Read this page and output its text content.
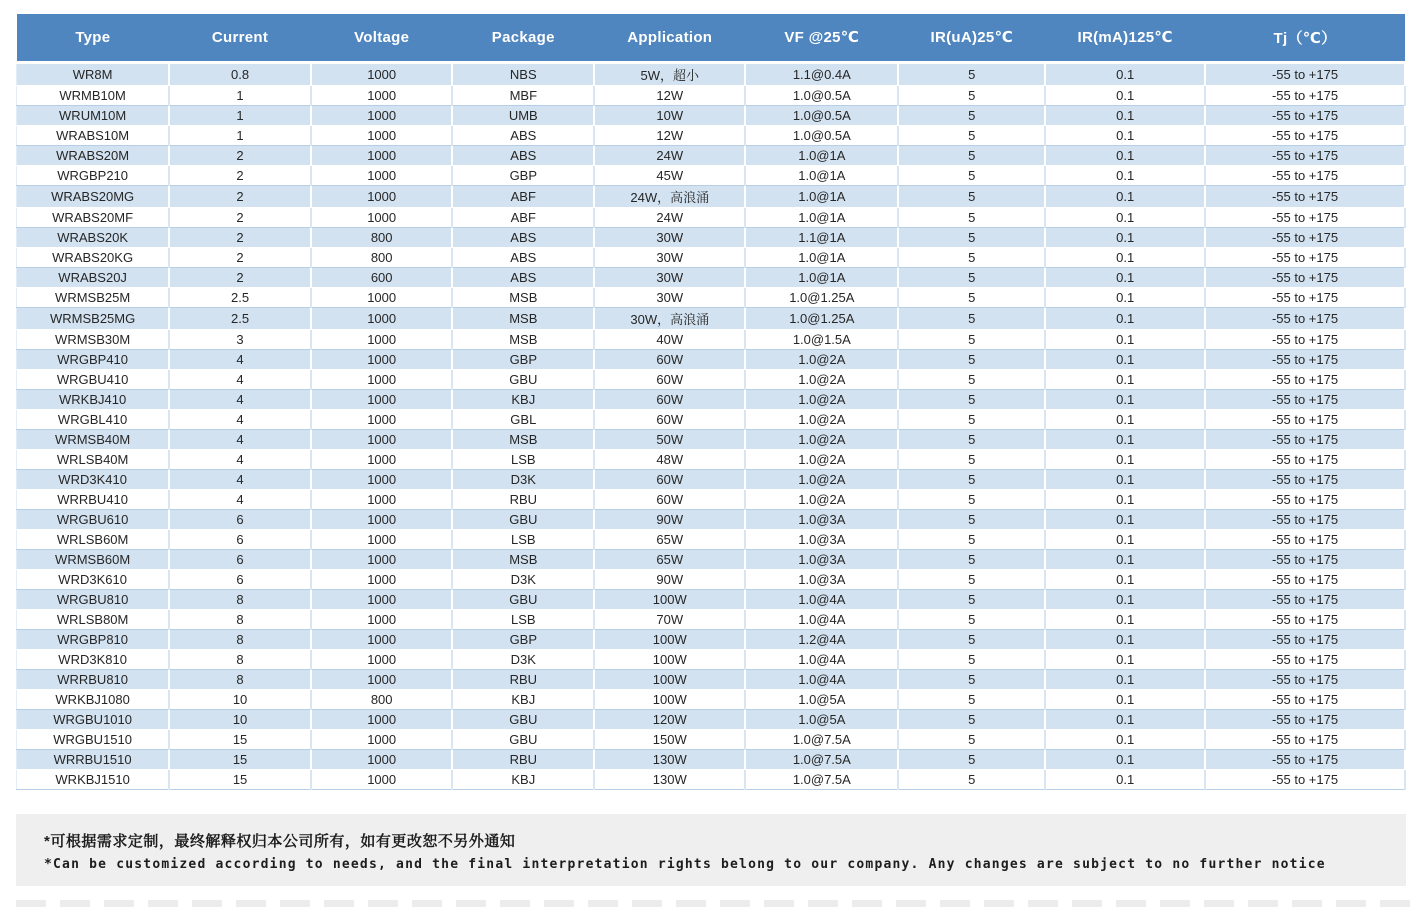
Type	Current	Voltage	Package	Application	VF @25℃	IR(uA)25℃	IR(mA)125℃	Tj（℃）
WR8M	0.8	1000	NBS	5W，超小	1.1@0.4A	5	0.1	-55 to +175
WRMB10M	1	1000	MBF	12W	1.0@0.5A	5	0.1	-55 to +175
WRUM10M	1	1000	UMB	10W	1.0@0.5A	5	0.1	-55 to +175
WRABS10M	1	1000	ABS	12W	1.0@0.5A	5	0.1	-55 to +175
WRABS20M	2	1000	ABS	24W	1.0@1A	5	0.1	-55 to +175
WRGBP210	2	1000	GBP	45W	1.0@1A	5	0.1	-55 to +175
WRABS20MG	2	1000	ABF	24W，高浪涌	1.0@1A	5	0.1	-55 to +175
WRABS20MF	2	1000	ABF	24W	1.0@1A	5	0.1	-55 to +175
WRABS20K	2	800	ABS	30W	1.1@1A	5	0.1	-55 to +175
WRABS20KG	2	800	ABS	30W	1.0@1A	5	0.1	-55 to +175
WRABS20J	2	600	ABS	30W	1.0@1A	5	0.1	-55 to +175
WRMSB25M	2.5	1000	MSB	30W	1.0@1.25A	5	0.1	-55 to +175
WRMSB25MG	2.5	1000	MSB	30W，高浪涌	1.0@1.25A	5	0.1	-55 to +175
WRMSB30M	3	1000	MSB	40W	1.0@1.5A	5	0.1	-55 to +175
WRGBP410	4	1000	GBP	60W	1.0@2A	5	0.1	-55 to +175
WRGBU410	4	1000	GBU	60W	1.0@2A	5	0.1	-55 to +175
WRKBJ410	4	1000	KBJ	60W	1.0@2A	5	0.1	-55 to +175
WRGBL410	4	1000	GBL	60W	1.0@2A	5	0.1	-55 to +175
WRMSB40M	4	1000	MSB	50W	1.0@2A	5	0.1	-55 to +175
WRLSB40M	4	1000	LSB	48W	1.0@2A	5	0.1	-55 to +175
WRD3K410	4	1000	D3K	60W	1.0@2A	5	0.1	-55 to +175
WRRBU410	4	1000	RBU	60W	1.0@2A	5	0.1	-55 to +175
WRGBU610	6	1000	GBU	90W	1.0@3A	5	0.1	-55 to +175
WRLSB60M	6	1000	LSB	65W	1.0@3A	5	0.1	-55 to +175
WRMSB60M	6	1000	MSB	65W	1.0@3A	5	0.1	-55 to +175
WRD3K610	6	1000	D3K	90W	1.0@3A	5	0.1	-55 to +175
WRGBU810	8	1000	GBU	100W	1.0@4A	5	0.1	-55 to +175
WRLSB80M	8	1000	LSB	70W	1.0@4A	5	0.1	-55 to +175
WRGBP810	8	1000	GBP	100W	1.2@4A	5	0.1	-55 to +175
WRD3K810	8	1000	D3K	100W	1.0@4A	5	0.1	-55 to +175
WRRBU810	8	1000	RBU	100W	1.0@4A	5	0.1	-55 to +175
WRKBJ1080	10	800	KBJ	100W	1.0@5A	5	0.1	-55 to +175
WRGBU1010	10	1000	GBU	120W	1.0@5A	5	0.1	-55 to +175
WRGBU1510	15	1000	GBU	150W	1.0@7.5A	5	0.1	-55 to +175
WRRBU1510	15	1000	RBU	130W	1.0@7.5A	5	0.1	-55 to +175
WRKBJ1510	15	1000	KBJ	130W	1.0@7.5A	5	0.1	-55 to +175
*可根据需求定制，最终解释权归本公司所有，如有更改恕不另外通知
*Can be customized according to needs, and the final interpretation rights belong to our company. Any changes are subject to no further notice
